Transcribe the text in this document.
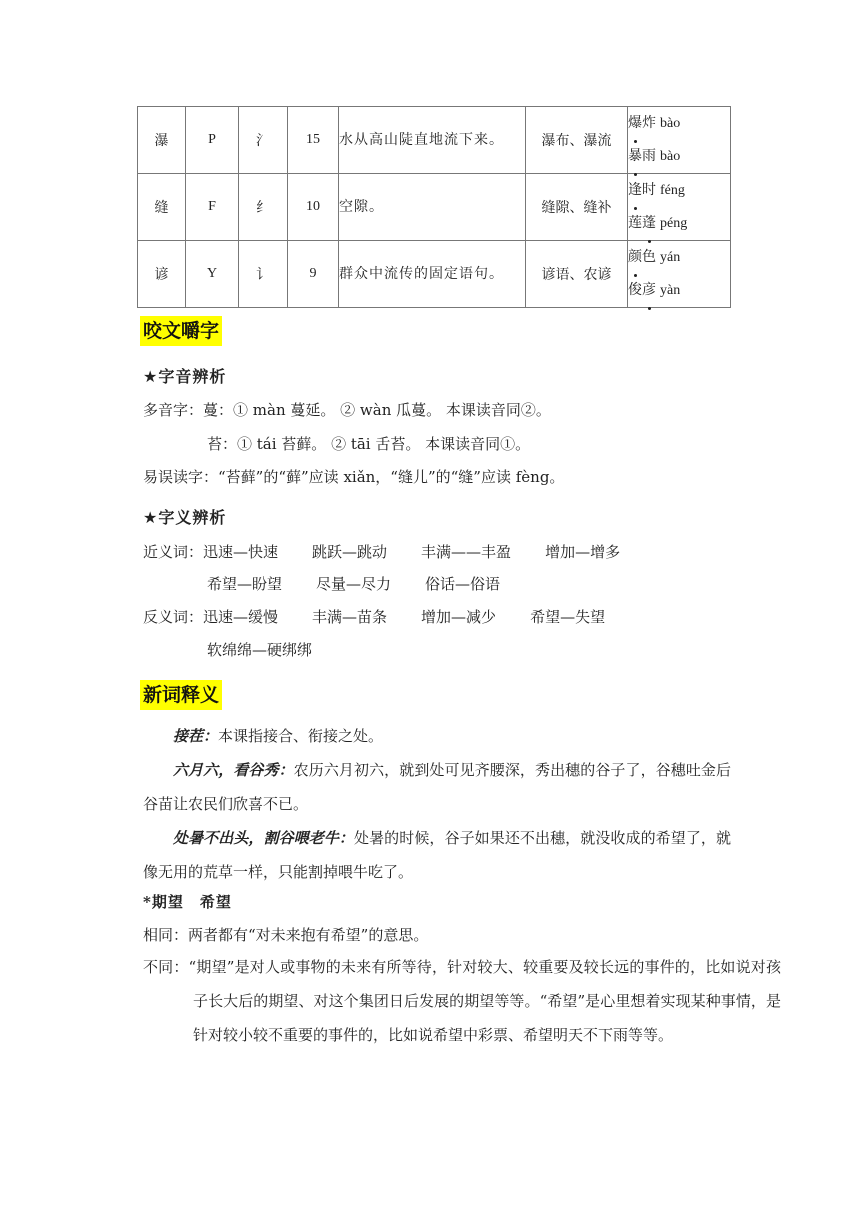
瀑	P	氵	15	水从高山陡直地流下来。	瀑布、瀑流	爆炸 bào
暴雨 bào

缝	F	纟	10	空隙。	缝隙、缝补	逢时 féng
莲蓬 péng

谚	Y	讠	9	群众中流传的固定语句。	谚语、农谚	颜色 yán
俊彦 yàn
咬文嚼字
★字音辨析
多音字：蔓：① màn 蔓延。 ② wàn 瓜蔓。 本课读音同②。
苔：① tái 苔藓。 ② tāi 舌苔。 本课读音同①。
易误读字：“苔藓”的“藓”应读 xiǎn，“缝儿”的“缝”应读 fèng。
★字义辨析
近义词：迅速—快速 跳跃—跳动 丰满——丰盈 增加—增多
希望—盼望 尽量—尽力 俗话—俗语
反义词：迅速—缓慢 丰满—苗条 增加—减少 希望—失望
软绵绵—硬绑绑
新词释义
接茬：本课指接合、衔接之处。
六月六，看谷秀：农历六月初六，就到处可见齐腰深，秀出穗的谷子了，谷穗吐金后谷苗让农民们欣喜不已。
处暑不出头，割谷喂老牛：处暑的时候，谷子如果还不出穗，就没收成的希望了，就像无用的荒草一样，只能割掉喂牛吃了。
*期望　希望
相同：两者都有“对未来抱有希望”的意思。
不同：“期望”是对人或事物的未来有所等待，针对较大、较重要及较长远的事件的，比如说对孩子长大后的期望、对这个集团日后发展的期望等等。“希望”是心里想着实现某种事情，是针对较小较不重要的事件的，比如说希望中彩票、希望明天不下雨等等。
